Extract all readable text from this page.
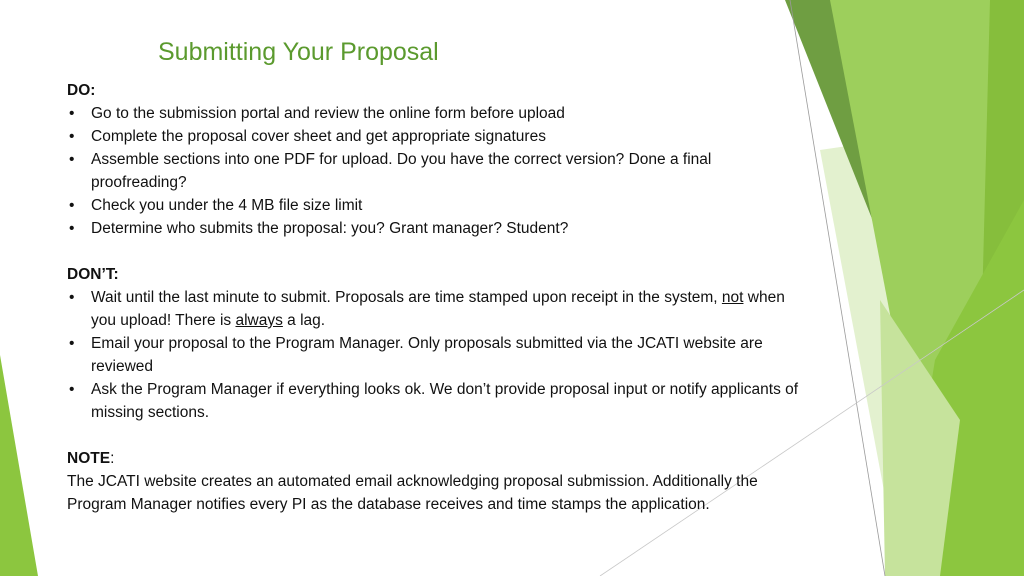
Submitting Your Proposal
DO:
• Go to the submission portal and review the online form before upload
• Complete the proposal cover sheet and get appropriate signatures
• Assemble sections into one PDF for upload. Do you have the correct version? Done a final proofreading?
• Check you under the 4 MB file size limit
• Determine who submits the proposal: you? Grant manager? Student?
DON’T:
• Wait until the last minute to submit. Proposals are time stamped upon receipt in the system, not when you upload! There is always a lag.
• Email your proposal to the Program Manager. Only proposals submitted via the JCATI website are reviewed
• Ask the Program Manager if everything looks ok. We don’t provide proposal input or notify applicants of missing sections.
NOTE:
The JCATI website creates an automated email acknowledging proposal submission. Additionally the Program Manager notifies every PI as the database receives and time stamps the application.
